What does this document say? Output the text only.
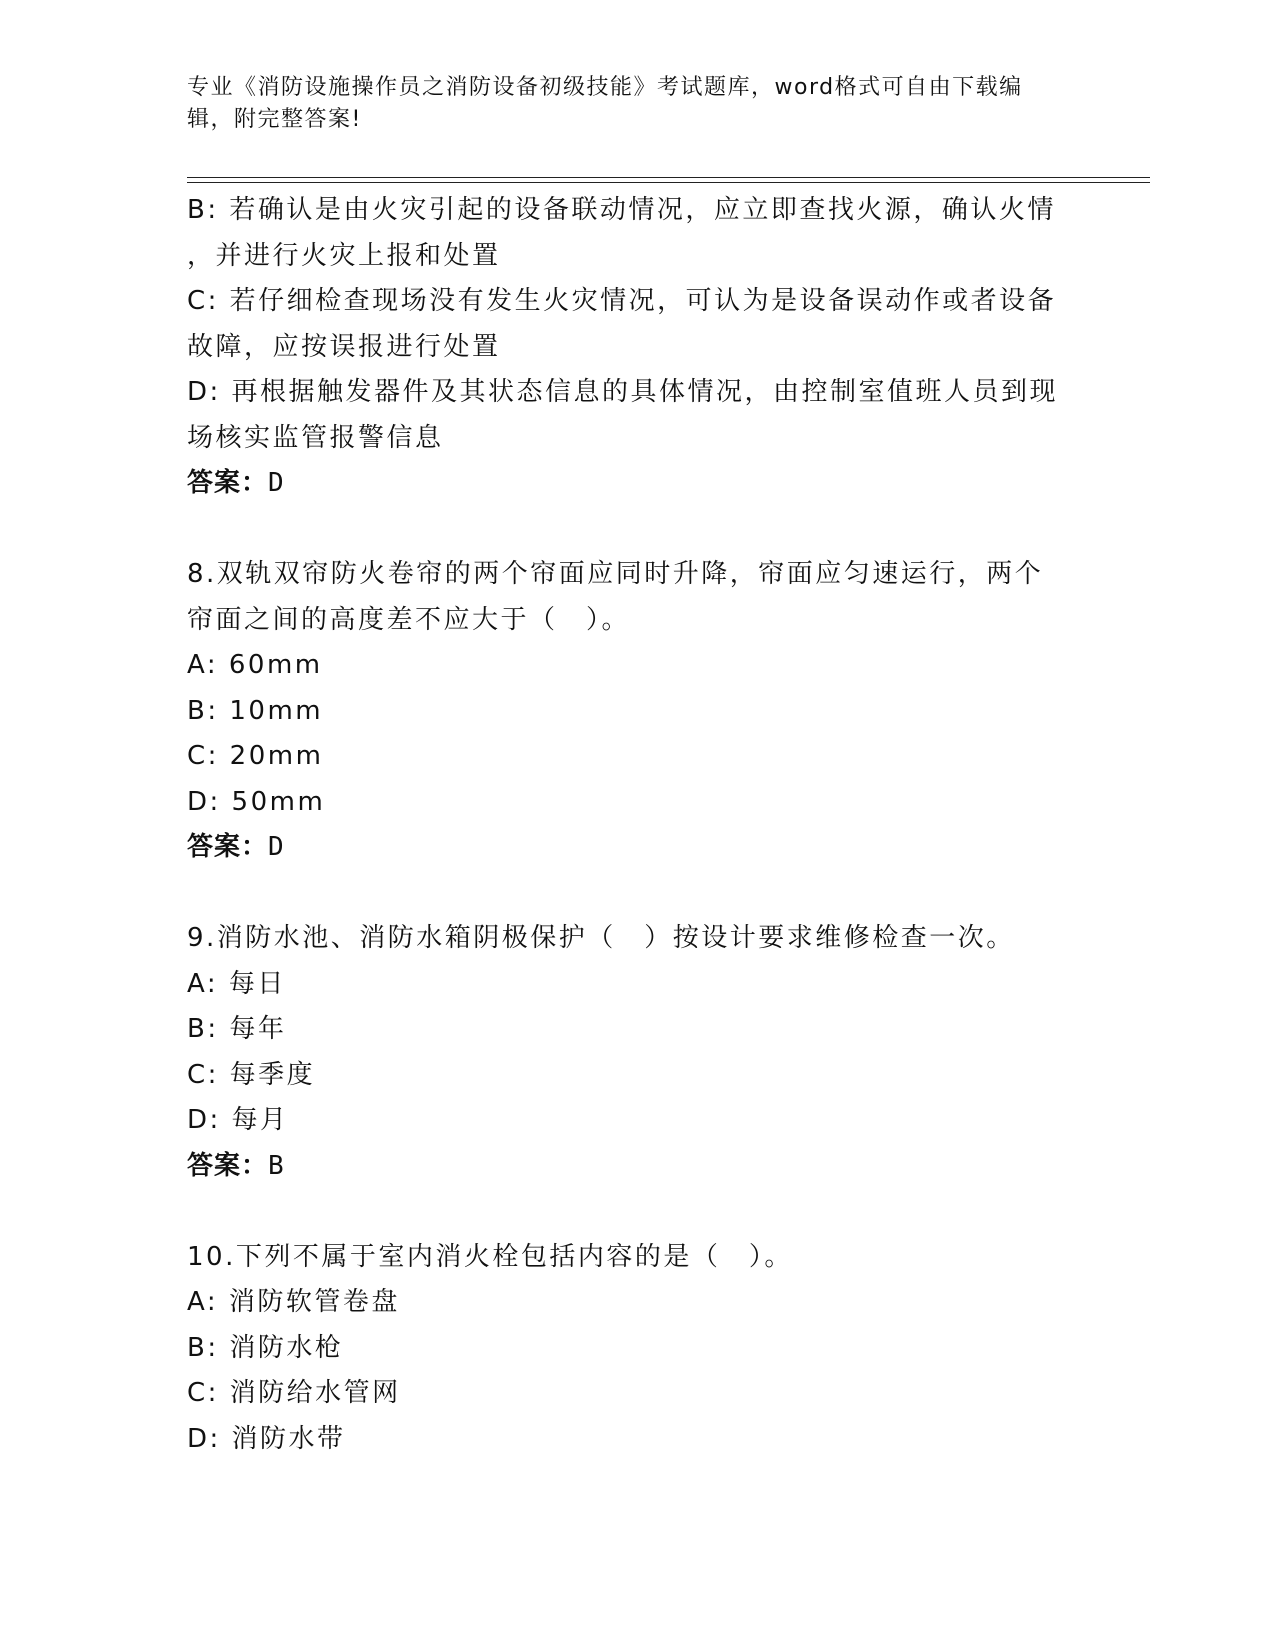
专业《消防设施操作员之消防设备初级技能》考试题库，word格式可自由下载编
辑，附完整答案!
B: 若确认是由火灾引起的设备联动情况，应立即查找火源，确认火情
，并进行火灾上报和处置
C: 若仔细检查现场没有发生火灾情况，可认为是设备误动作或者设备
故障，应按误报进行处置
D: 再根据触发器件及其状态信息的具体情况，由控制室值班人员到现
场核实监管报警信息
答案：D
8.双轨双帘防火卷帘的两个帘面应同时升降，帘面应匀速运行，两个
帘面之间的高度差不应大于（　）。
A: 60mm
B: 10mm
C: 20mm
D: 50mm
答案：D
9.消防水池、消防水箱阴极保护（　）按设计要求维修检查一次。
A: 每日
B: 每年
C: 每季度
D: 每月
答案：B
10.下列不属于室内消火栓包括内容的是（　）。
A: 消防软管卷盘
B: 消防水枪
C: 消防给水管网
D: 消防水带
